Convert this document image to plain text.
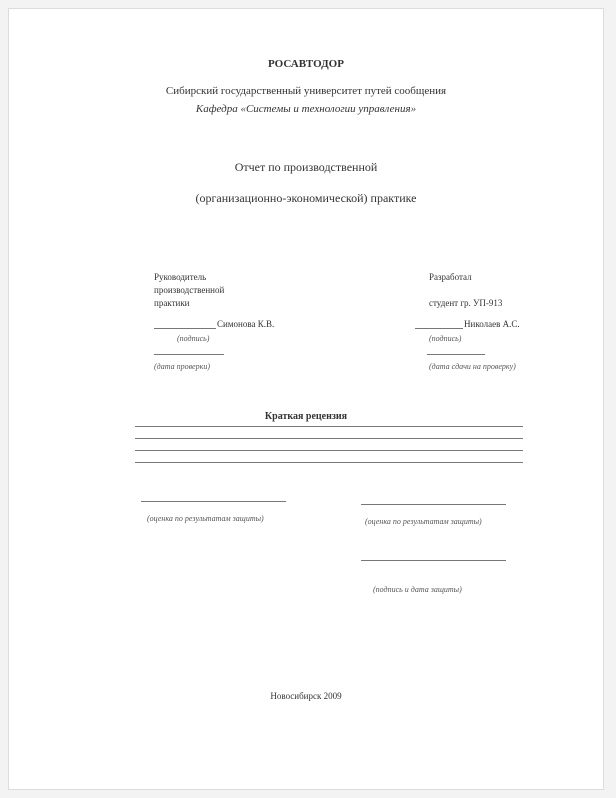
РОСАВТОДОР
Сибирский государственный университет путей сообщения
Кафедра «Системы и технологии управления»
Отчет по производственной
(организационно-экономической) практике
Руководитель
производственной
практики
Симонова К.В.
(подпись)
(дата проверки)
Разработал
студент гр. УП-913
Николаев А.С.
(подпись)
(дата сдачи на проверку)
Краткая рецензия
(оценка по результатам защиты)	(оценка по результатам защиты)
(подпись и дата защиты)
Новосибирск 2009
